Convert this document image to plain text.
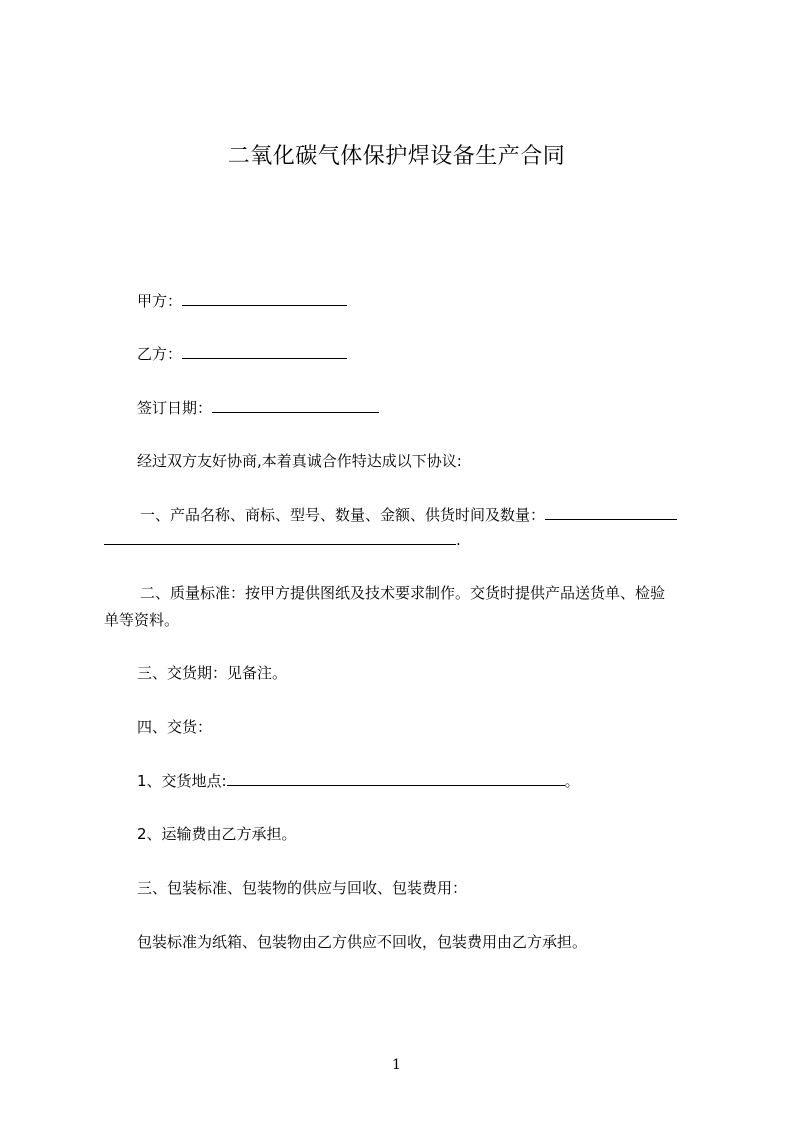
二氧化碳气体保护焊设备生产合同
甲方：
乙方：
签订日期：
经过双方友好协商,本着真诚合作特达成以下协议:
一、产品名称、商标、型号、数量、金额、供货时间及数量：
.
二、质量标准：按甲方提供图纸及技术要求制作。交货时提供产品送货单、检验
单等资料。
三、交货期：见备注。
四、交货：
1、交货地点:	。
2、运输费由乙方承担。
三、包装标准、包装物的供应与回收、包装费用：
包装标准为纸箱、包装物由乙方供应不回收，包装费用由乙方承担。
1
